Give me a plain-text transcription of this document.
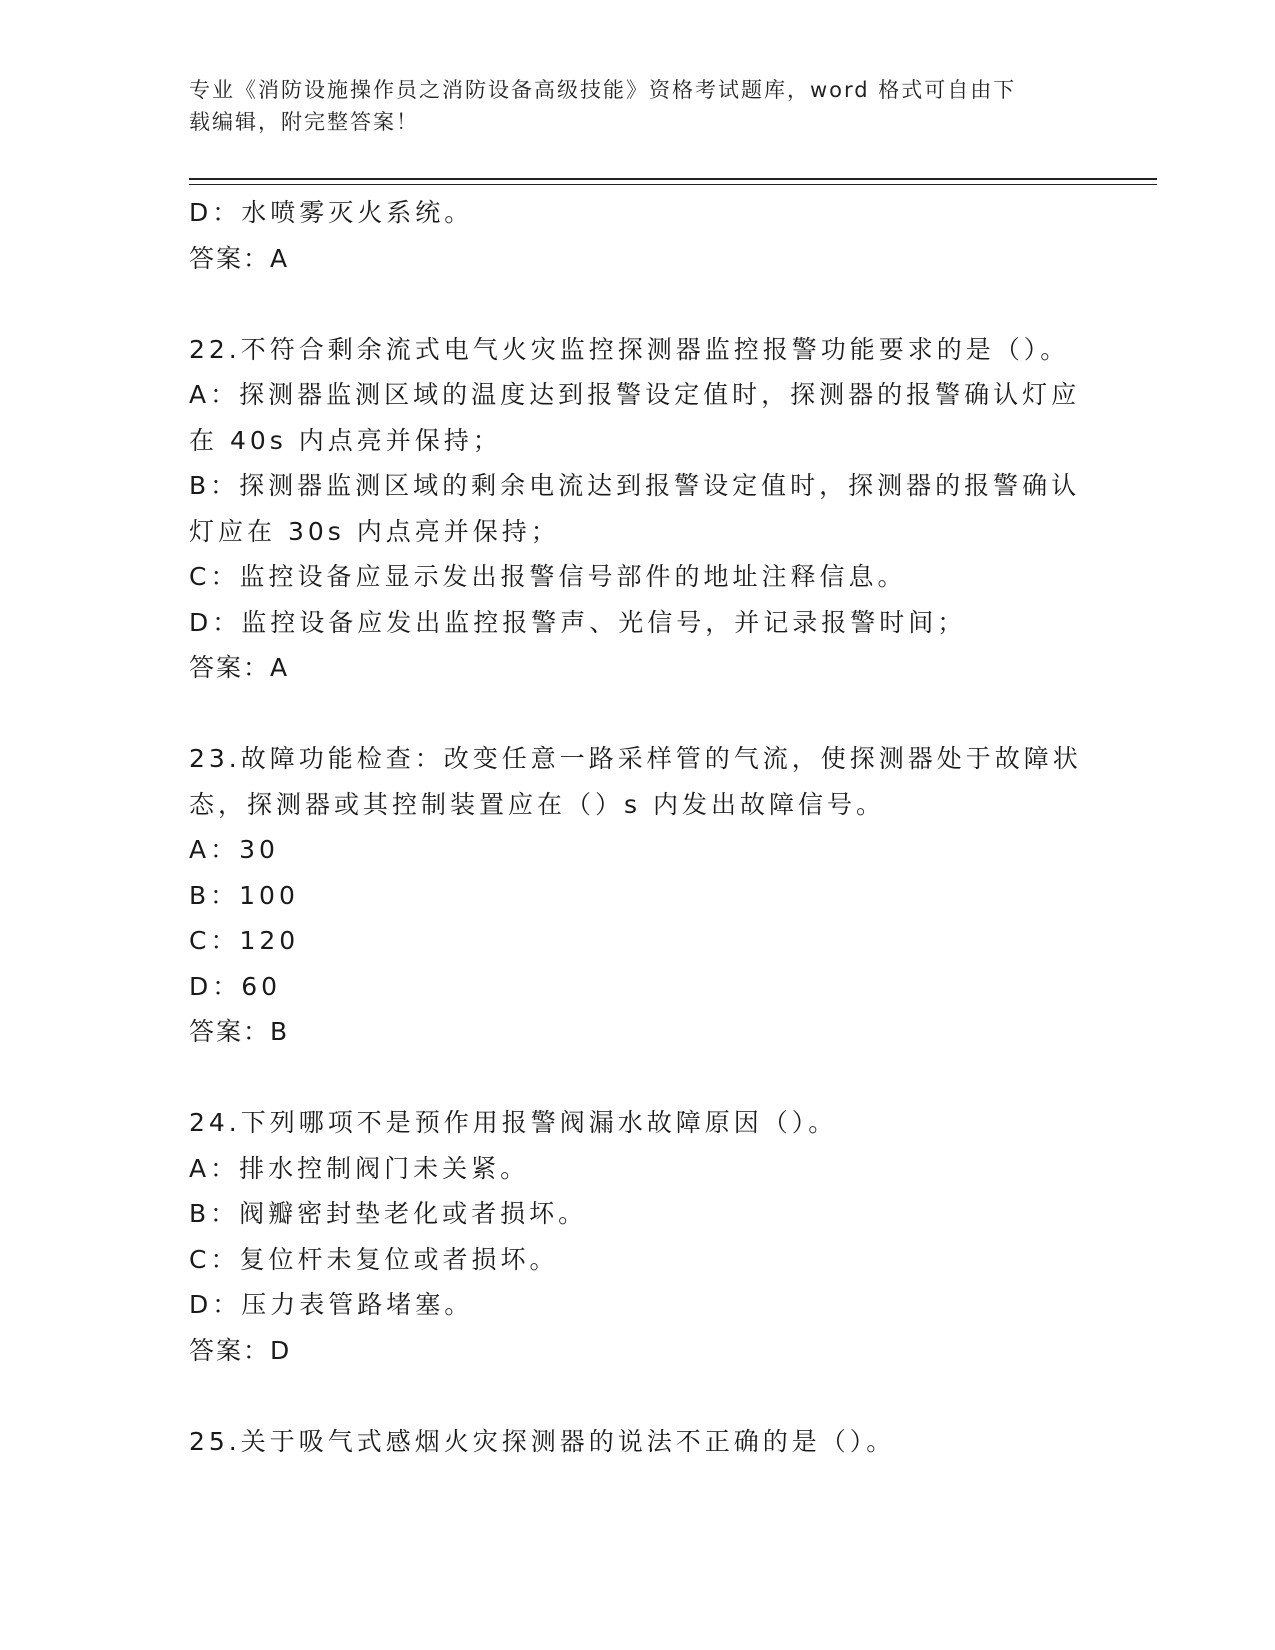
专业《消防设施操作员之消防设备高级技能》资格考试题库，word 格式可自由下
载编辑，附完整答案！
D：水喷雾灭火系统。
答案：A
22.不符合剩余流式电气火灾监控探测器监控报警功能要求的是（）。
A：探测器监测区域的温度达到报警设定值时，探测器的报警确认灯应
在 40s 内点亮并保持；
B：探测器监测区域的剩余电流达到报警设定值时，探测器的报警确认
灯应在 30s 内点亮并保持；
C：监控设备应显示发出报警信号部件的地址注释信息。
D：监控设备应发出监控报警声、光信号，并记录报警时间；
答案：A
23.故障功能检查：改变任意一路采样管的气流，使探测器处于故障状
态，探测器或其控制装置应在（）s 内发出故障信号。
A：30
B：100
C：120
D：60
答案：B
24.下列哪项不是预作用报警阀漏水故障原因（）。
A：排水控制阀门未关紧。
B：阀瓣密封垫老化或者损坏。
C：复位杆未复位或者损坏。
D：压力表管路堵塞。
答案：D
25.关于吸气式感烟火灾探测器的说法不正确的是（）。
